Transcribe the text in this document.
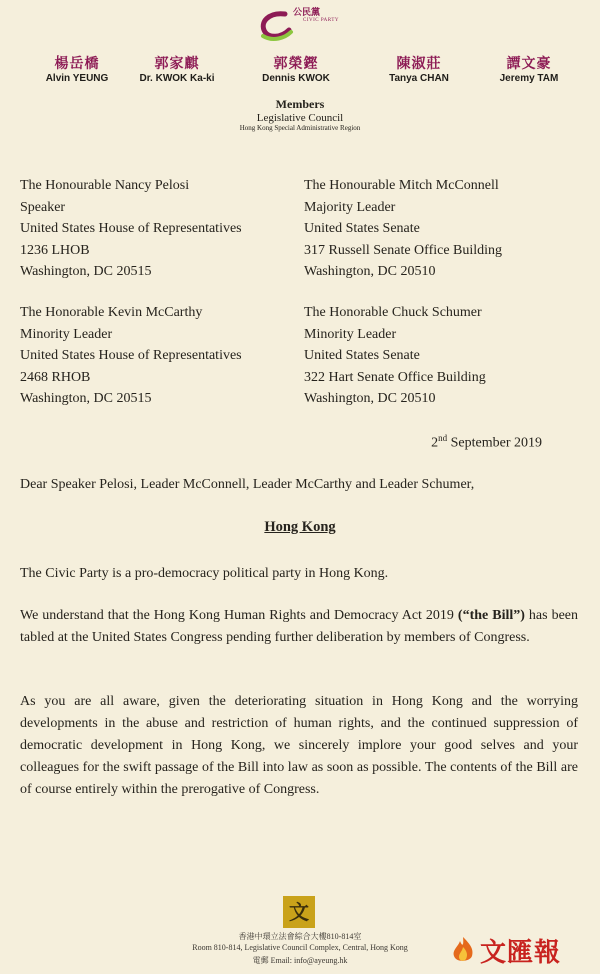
公民黨
CIVIC PARTY
楊岳橋
Alvin YEUNG
郭家麒
Dr. KWOK Ka-ki
郭榮鏗
Dennis KWOK
陳淑莊
Tanya CHAN
譚文豪
Jeremy TAM
Members
Legislative Council
Hong Kong Special Administrative Region
The Honourable Nancy Pelosi
Speaker
United States House of Representatives
1236 LHOB
Washington, DC 20515
The Honourable Mitch McConnell
Majority Leader
United States Senate
317 Russell Senate Office Building
Washington, DC 20510
The Honorable Kevin McCarthy
Minority Leader
United States House of Representatives
2468 RHOB
Washington, DC 20515
The Honorable Chuck Schumer
Minority Leader
United States Senate
322 Hart Senate Office Building
Washington, DC 20510
2nd September 2019
Dear Speaker Pelosi, Leader McConnell, Leader McCarthy and Leader Schumer,
Hong Kong

The Civic Party is a pro-democracy political party in Hong Kong.

We understand that the Hong Kong Human Rights and Democracy Act 2019 (“the Bill”) has been tabled at the United States Congress pending further deliberation by members of Congress.

As you are all aware, given the deteriorating situation in Hong Kong and the worrying developments in the abuse and restriction of human rights, and the continued suppression of democratic development in Hong Kong, we sincerely implore your good selves and your colleagues for the swift passage of the Bill into law as soon as possible. The contents of the Bill are of course entirely within the prerogative of Congress.

文
香港中環立法會綜合大樓810-814室
Room 810-814, Legislative Council Complex, Central, Hong Kong
電郵 Email: info@ayeung.hk	文匯報
